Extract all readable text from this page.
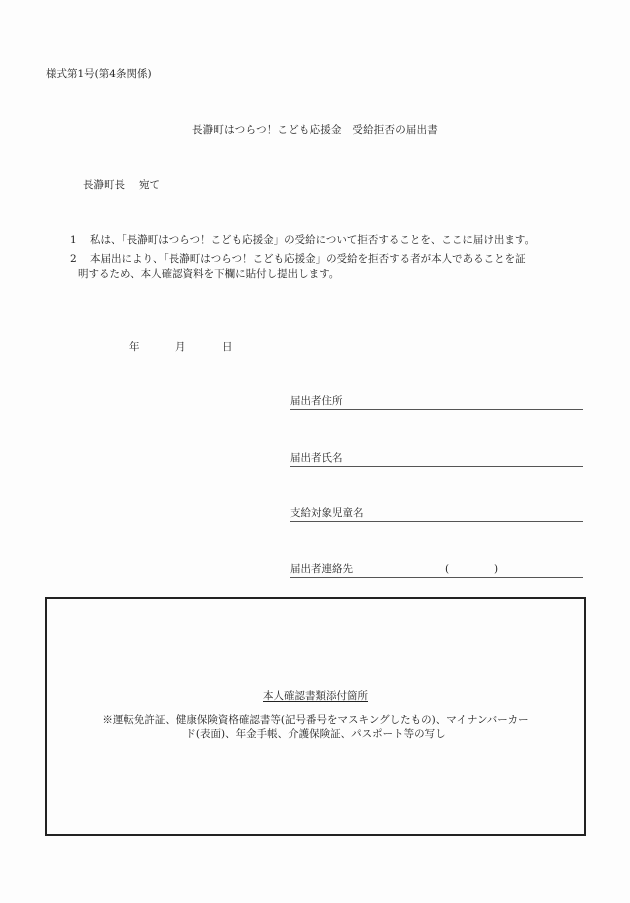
様式第1号(第4条関係)
長瀞町はつらつ！こども応援金　受給拒否の届出書
長瀞町長 宛て
1 私は、「長瀞町はつらつ！こども応援金」の受給について拒否することを、ここに届け出ます。
2 本届出により、「長瀞町はつらつ！こども応援金」の受給を拒否する者が本人であることを証
明するため、本人確認資料を下欄に貼付し提出します。
年	月	日
届出者住所
届出者氏名
支給対象児童名
届出者連絡先	(	)
本人確認書類添付箇所
※運転免許証、健康保険資格確認書等(記号番号をマスキングしたもの)、マイナンバーカー
ド(表面)、年金手帳、介護保険証、パスポート等の写し
